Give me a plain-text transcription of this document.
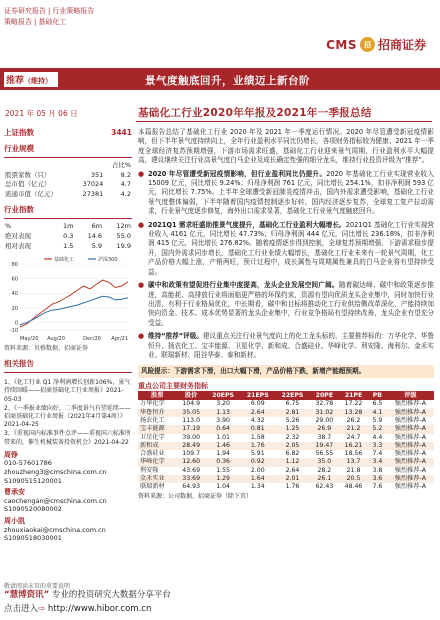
证券研究报告 | 行业策略报告
策略报告 | 基础化工
CMS	招 招商证券
推荐（维持）	景气度触底回升，业绩迈上新台阶
2021 年 05 月 06 日	基础化工行业2020年年报及2021年一季报总结
上证指数	3441
行业规模
		占比%
股票家数（只）	351	8.2
总市值（亿元）	37024	4.7
流通市值（亿元）	27381	4.2
行业指数
%	1m	6m	12m
绝对表现	0.3	14.6	55.0
相对表现	1.5	5.9	19.9
基础化工	沪深300
80
60
40
20
0
-10
May/20 Aug/20	Dec/20 Apr/21
资料来源：贝格数据、招商证券
相关报告

1、《化工行业 Q1 净利润增长创新106%，景气持续回暖——招商基础化工行业周报》2021-05-03

2、《一季报业绩向好，二季度景气有望延续——招商基础化工行业周报（2021年4月第4周）》2021-04-25

3、《重视国内标准事件点评——重视国六标准所带来的，催生机械装备投资机会》2021-04-22

周铮
010-57601786
zhouzheng3@cmschina.com.cn
S1090515120001
曹承安
caochengan@cmschina.com.cn
S1090520080002
周小凯
zhouxiaokai@cmschina.com.cn
S1090518030001
本篇报告总结了基础化工行业 2020 年及 2021 年一季度运行情况。2020 年尽管遭受新冠疫情影响，但下半年景气度持续向上，全年行业盈利水平同比仍增长，各项财务指标较为健康；2021 年一季度全球经济复苏预期增强，下游市场需求旺盛，基础化工行业迎来景气周期，行业盈利水平大幅提高，建议继续关注行业高景气度白马企业及成长确定性强的细分龙头，维持行业投资评级为“推荐”。
● 2020 年尽管遭受新冠疫情影响，但行业盈利同比仍提升。2020 年基础化工行业实现营业收入 15009 亿元，同比增长 9.24%；归母净利润 761 亿元，同比增长 254.1%，扣非净利润 593 亿元，同比增长 7.75%。上半年全球遭受新冠肺炎疫情冲击，国内外需求遭受影响，基础化工行业景气度整体偏弱，下半年随着国内疫情控制逐步好转，国内经济逐步复苏，全球复工复产拉动需求，行业景气度逐步修复，海外出口需求显著，基础化工行业景气度触底回升。
● 2021Q1 需求旺盛助推景气度提升，基础化工行业盈利大幅增长。2021Q1 基础化工行业实现营业收入 4161 亿元，同比增长 47.73%；归母净利润 444 亿元，同比增长 236.18%，扣非净利润 415 亿元，同比增长 276.82%。随着疫情逐步得到控制，全球复苏预期增强，下游需求稳步提升，国内外需求同步增长，基础化工行业业绩大幅增长，基础化工行业未来有一轮景气周期，化工产品价格大幅上涨，产销两旺，预计过程中，成长属性与周期属性兼具的白马企业将有望持续受益。
● 碳中和政策有望促进行业集中度提高，龙头企业发展空间广阔。随着碳达峰、碳中和政策逐步推进，高能耗、高排放行业将面临更严格的环保约束，资源有望向优质龙头企业集中，同时加快行业出清，有利于行业格局优化，中长期看，碳中和目标将推动化工行业供给侧改革深化，产能持续加快向资金、技术、成本优势显著的龙头企业集中，行业竞争格局有望持续改善，龙头企业有望充分受益。
● 维持“推荐”评级。建议重点关注行业景气度向上的化工龙头标的，主要推荐标的：万华化学、华鲁恒升、扬农化工、宝丰能源、卫星化学、新和成、合盛硅业、华峰化学、利安隆、海利尔、金禾实业、联瑞新材、阳谷华泰、泰和新材。
风险提示：下游需求下滑，出口大幅下滑，产品价格下跌，新增产能超预期。
重点公司主要财务指标
股票	股价	20EPS	21EPS	22EPS	20PE	21PE	PB	评级
万华化学	104.9	3.20	6.09	6.75	32.78	17.22	6.5	强烈推荐-A
华鲁恒升	35.05	1.13	2.64	2.81	31.02	13.28	4.1	强烈推荐-A
扬农化工	113.0	3.90	4.32	5.26	29.00	26.2	5.9	强烈推荐-A
宝丰能源	17.19	0.64	0.81	1.25	26.9	21.2	5.2	强烈推荐-A
卫星化学	39.00	1.01	1.58	2.32	38.7	24.7	4.4	强烈推荐-A
新和成	28.49	1.46	1.76	2.05	19.47	16.21	3.3	强烈推荐-A
合盛硅业	109.7	1.94	5.91	6.82	56.55	18.56	7.4	强烈推荐-A
华峰化学	12.60	0.36	0.92	1.12	35.0	13.7	3.4	强烈推荐-A
利安隆	43.69	1.55	2.00	2.64	28.2	21.8	3.8	强烈推荐-A
金禾实业	33.69	1.29	1.64	2.01	26.1	20.5	3.6	强烈推荐-A
联瑞新材	64.93	1.04	1.34	1.76	62.43	48.46	7.6	强烈推荐-A
资料来源：公司数据、招商证券（除下页）
敬请阅读末页的重要说明
“慧博资讯” 专业的投资研究大数据分享平台
点击进入⇨ http://www.hibor.com.cn
